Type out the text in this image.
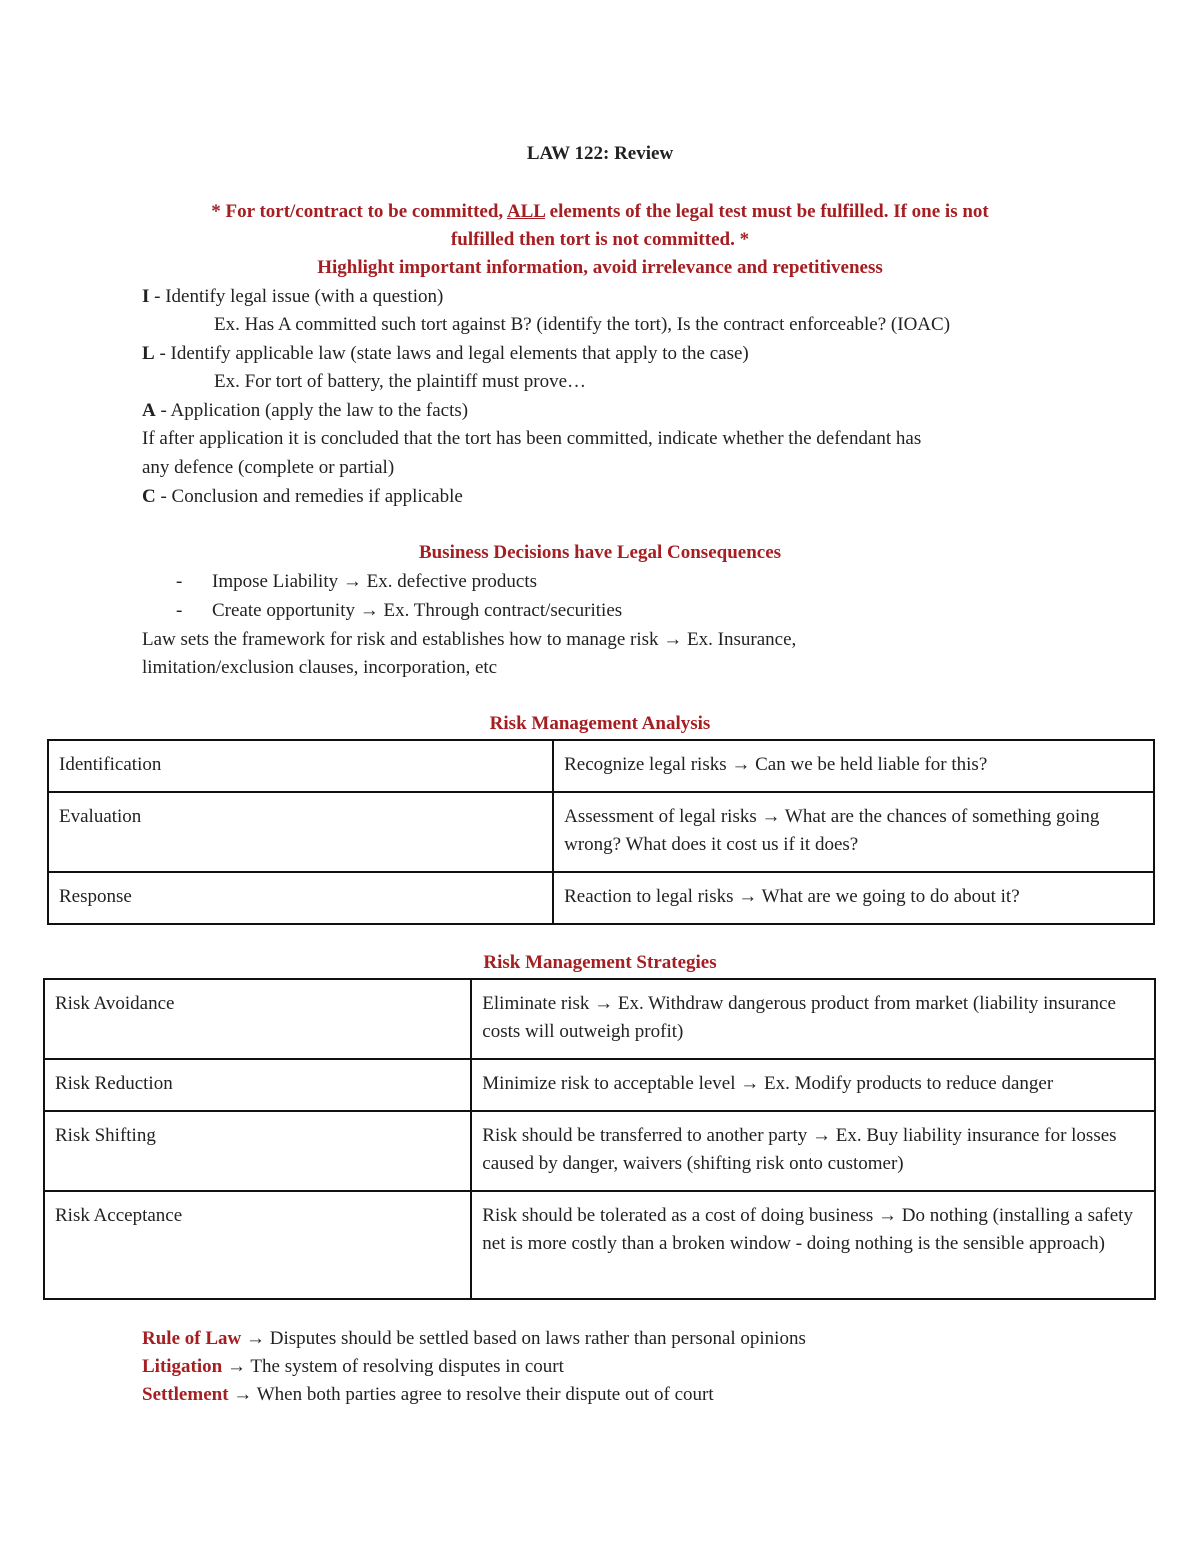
LAW 122: Review
* For tort/contract to be committed, ALL elements of the legal test must be fulfilled. If one is not
fulfilled then tort is not committed. *
Highlight important information, avoid irrelevance and repetitiveness
I - Identify legal issue (with a question)
Ex. Has A committed such tort against B? (identify the tort), Is the contract enforceable? (IOAC)
L - Identify applicable law (state laws and legal elements that apply to the case)
Ex. For tort of battery, the plaintiff must prove…
A - Application (apply the law to the facts)
If after application it is concluded that the tort has been committed, indicate whether the defendant has
any defence (complete or partial)
C - Conclusion and remedies if applicable
Business Decisions have Legal Consequences
- Impose Liability → Ex. defective products
- Create opportunity → Ex. Through contract/securities
Law sets the framework for risk and establishes how to manage risk → Ex. Insurance,
limitation/exclusion clauses, incorporation, etc
Risk Management Analysis
Identification	Recognize legal risks → Can we be held liable for this?
Evaluation	Assessment of legal risks → What are the chances of something going wrong? What does it cost us if it does?
Response	Reaction to legal risks → What are we going to do about it?
Risk Management Strategies
Risk Avoidance	Eliminate risk → Ex. Withdraw dangerous product from market (liability insurance costs will outweigh profit)
Risk Reduction	Minimize risk to acceptable level → Ex. Modify products to reduce danger
Risk Shifting	Risk should be transferred to another party → Ex. Buy liability insurance for losses caused by danger, waivers (shifting risk onto customer)
Risk Acceptance	Risk should be tolerated as a cost of doing business → Do nothing (installing a safety net is more costly than a broken window - doing nothing is the sensible approach)
Rule of Law → Disputes should be settled based on laws rather than personal opinions
Litigation → The system of resolving disputes in court
Settlement → When both parties agree to resolve their dispute out of court
